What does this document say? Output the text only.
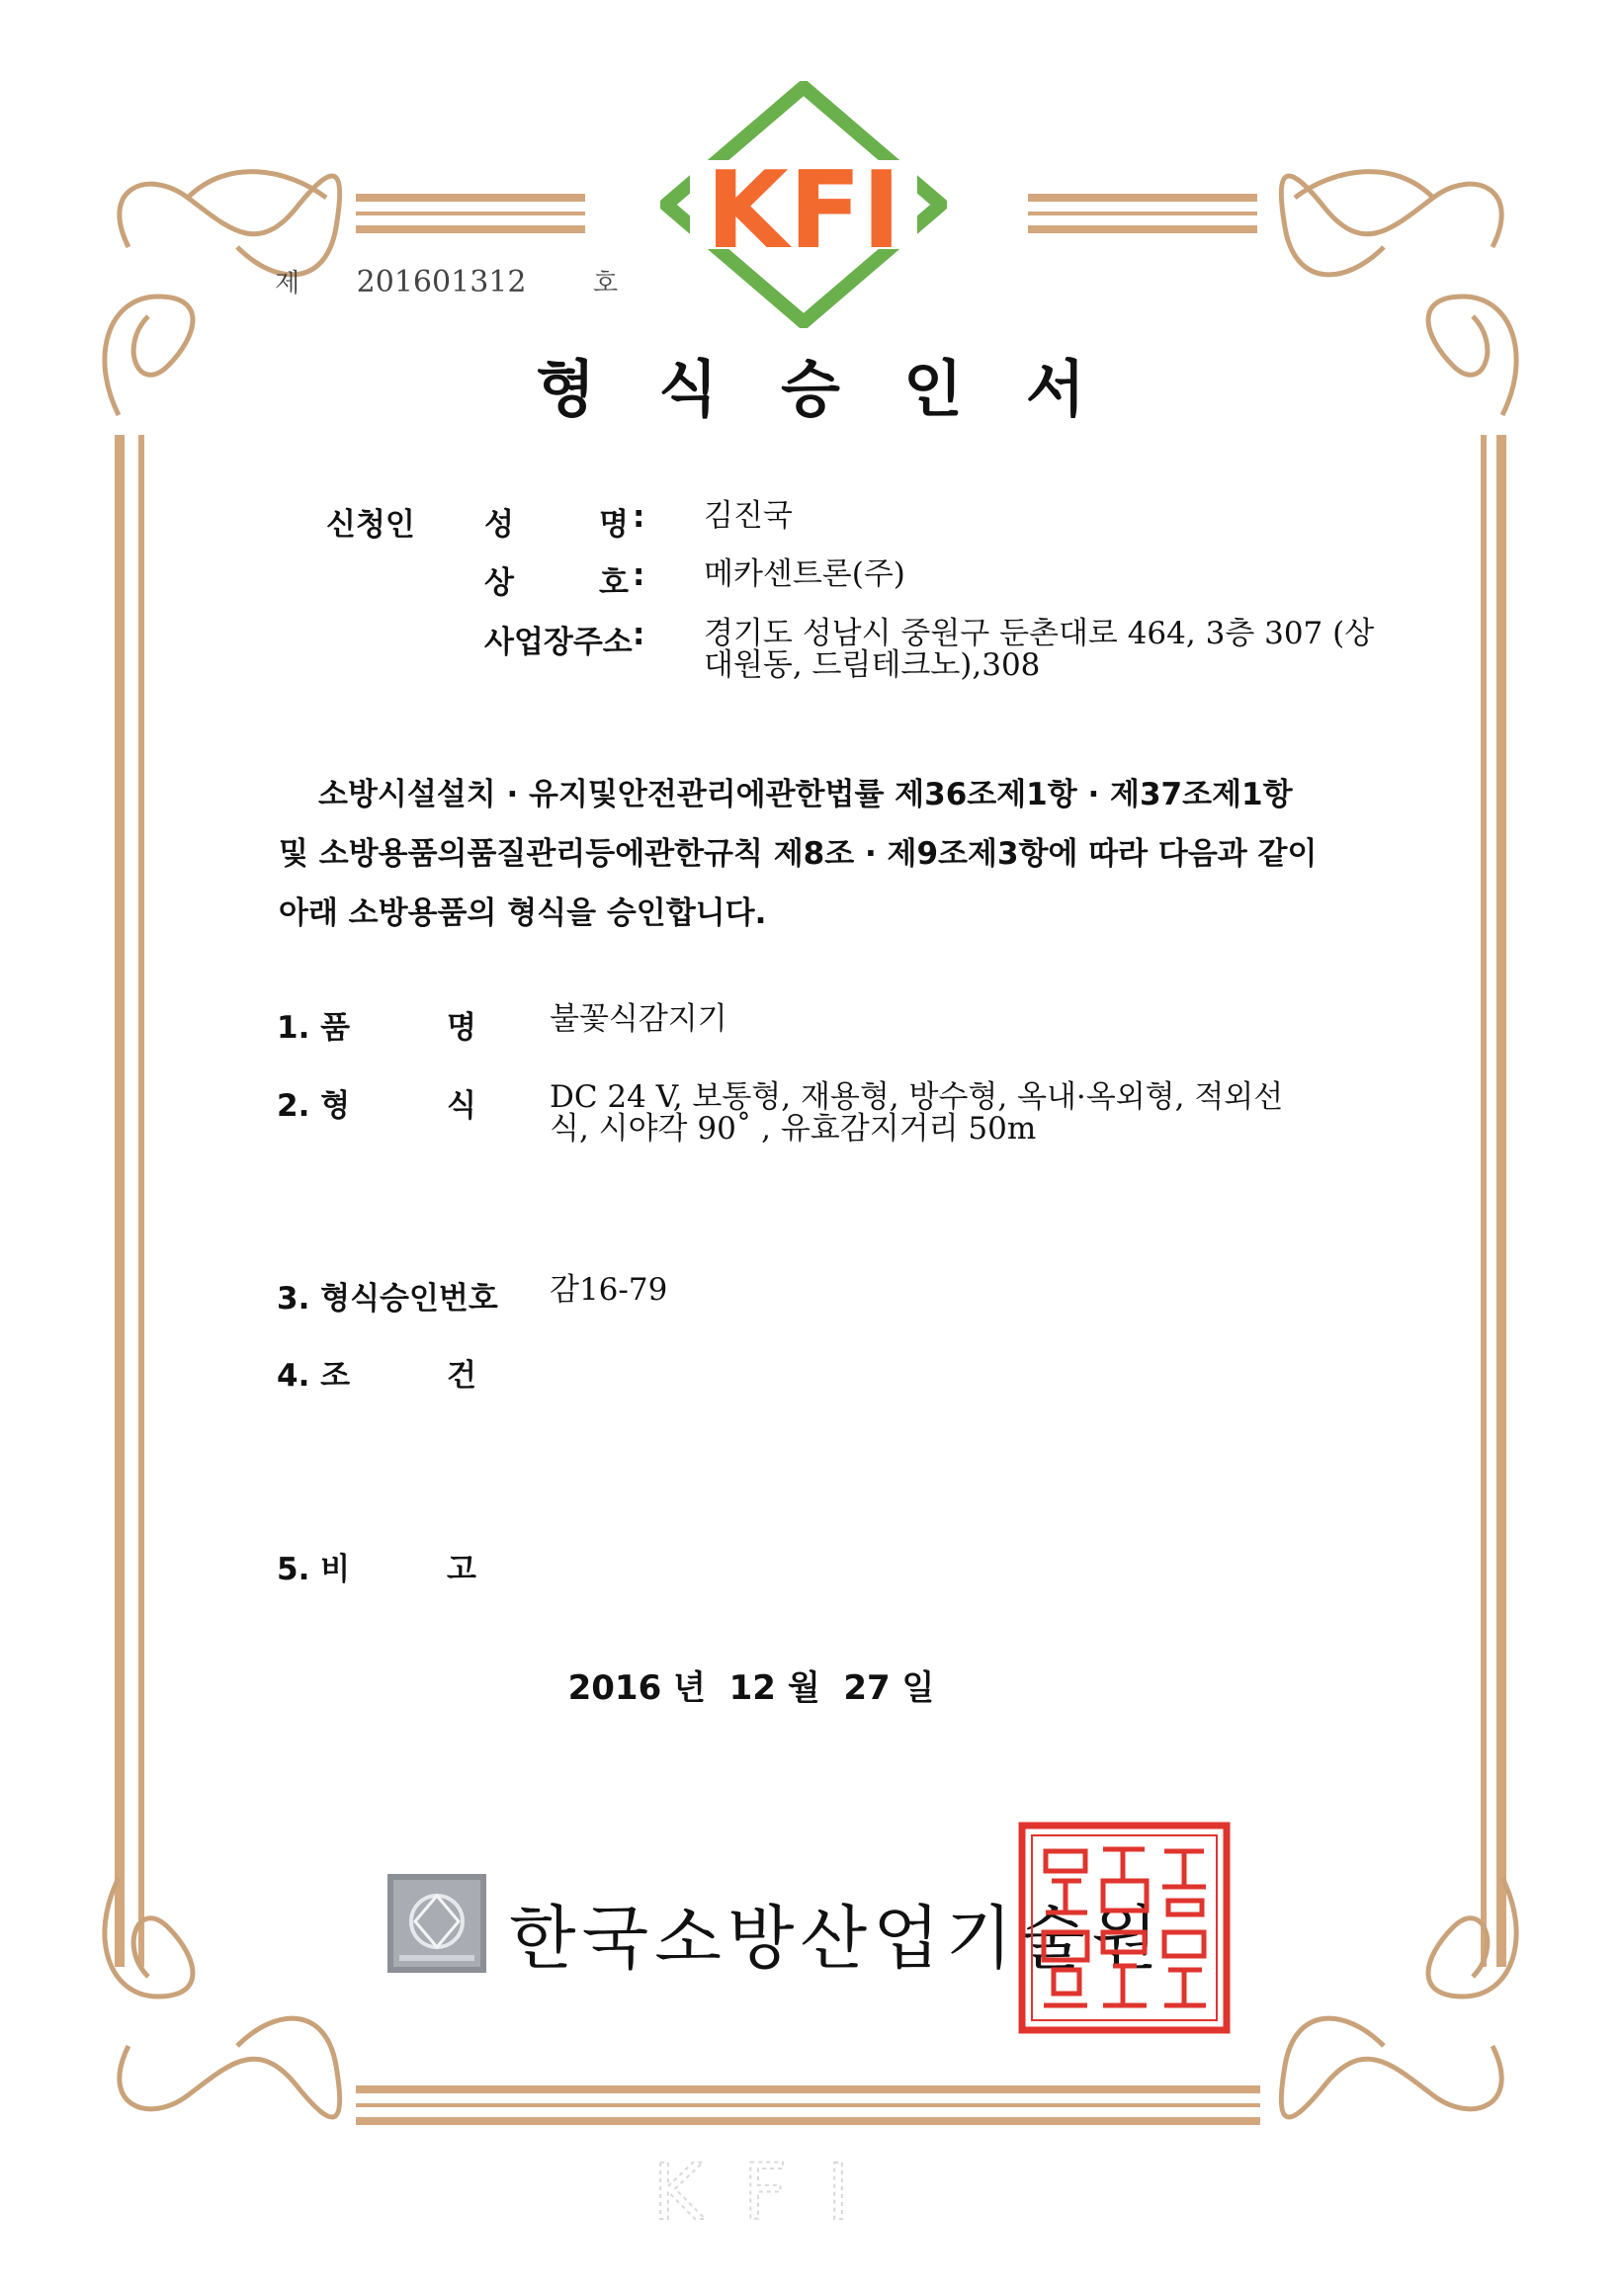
KFI
제 201601312	호
형식승인서
신청인 성	명 : 김진국
상	호 : 메카센트론(주)
사업장주소 : 경기도 성남시 중원구 둔촌대로 464, 3층 307 (상
대원동, 드림테크노),308
소방시설설치 · 유지및안전관리에관한법률 제36조제1항 · 제37조제1항
및 소방용품의품질관리등에관한규칙 제8조 · 제9조제3항에 따라 다음과 같이
아래 소방용품의 형식을 승인합니다.
1. 품	명 불꽃식감지기
2. 형	식 DC 24 V, 보통형, 재용형, 방수형, 옥내·옥외형, 적외선
식, 시야각 90˚ , 유효감지거리 50m
3. 형식승인번호 감16-79
4. 조	건
5. 비	고
2016 년 12 월 27 일
한국소방산업기술원
KFI
